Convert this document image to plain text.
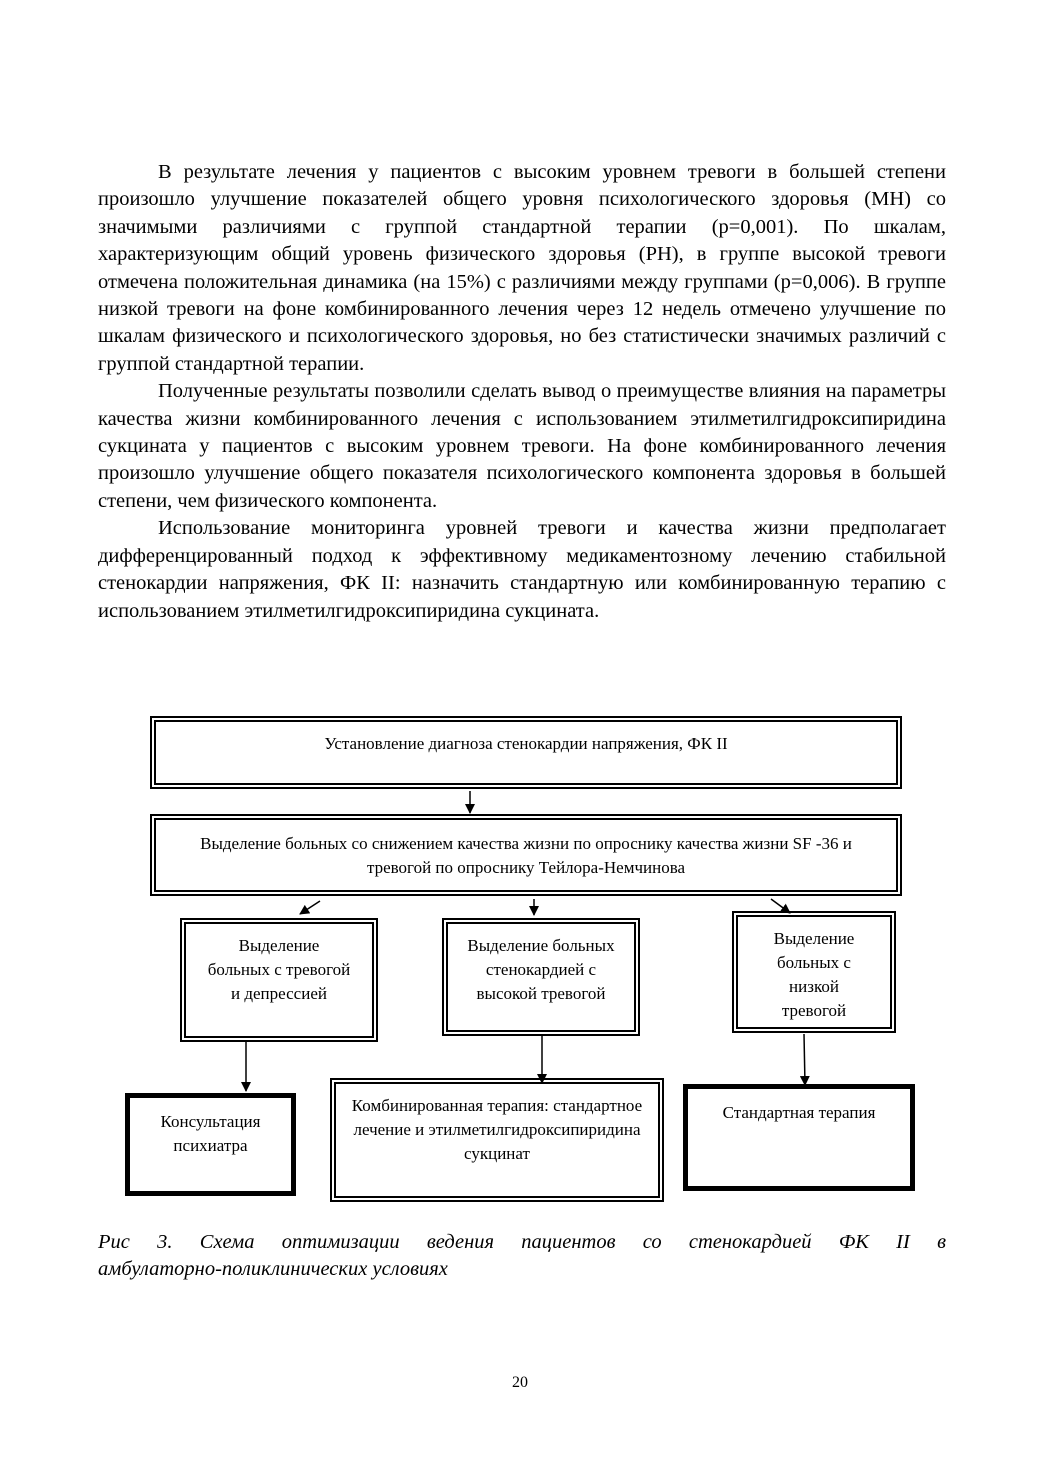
В результате лечения у пациентов с высоким уровнем тревоги в большей степени произошло улучшение показателей общего уровня психологического здоровья (МН) со значимыми различиями с группой стандартной терапии (р=0,001). По шкалам, характеризующим общий уровень физического здоровья (РН), в группе высокой тревоги отмечена положительная динамика (на 15%) с различиями между группами (р=0,006). В группе низкой тревоги на фоне комбинированного лечения через 12 недель отмечено улучшение по шкалам физического и психологического здоровья, но без статистически значимых различий с группой стандартной терапии.

Полученные результаты позволили сделать вывод о преимуществе влияния на параметры качества жизни комбинированного лечения с использованием этилметилгидроксипиридина сукцината у пациентов с высоким уровнем тревоги. На фоне комбинированного лечения произошло улучшение общего показателя психологического компонента здоровья в большей степени, чем физического компонента.

Использование мониторинга уровней тревоги и качества жизни предполагает дифференцированный подход к эффективному медикаментозному лечению стабильной стенокардии напряжения, ФК II: назначить стандартную или комбинированную терапию с использованием этилметилгидроксипиридина сукцината.

Установление диагноза стенокардии напряжения, ФК II
Выделение больных со снижением качества жизни по опроснику качества жизни SF -36 и тревогой по опроснику Тейлора-Немчинова
Выделение больных с тревогой и депрессией
Выделение больных стенокардией с высокой тревогой
Выделение больных с низкой тревогой
Консультация психиатра
Комбинированная терапия: стандартное лечение и этилметилгидроксипиридина сукцинат
Стандартная терапия
Рис 3. Схема оптимизации ведения пациентов со стенокардией ФК II в
амбулаторно-поликлинических условиях
20
